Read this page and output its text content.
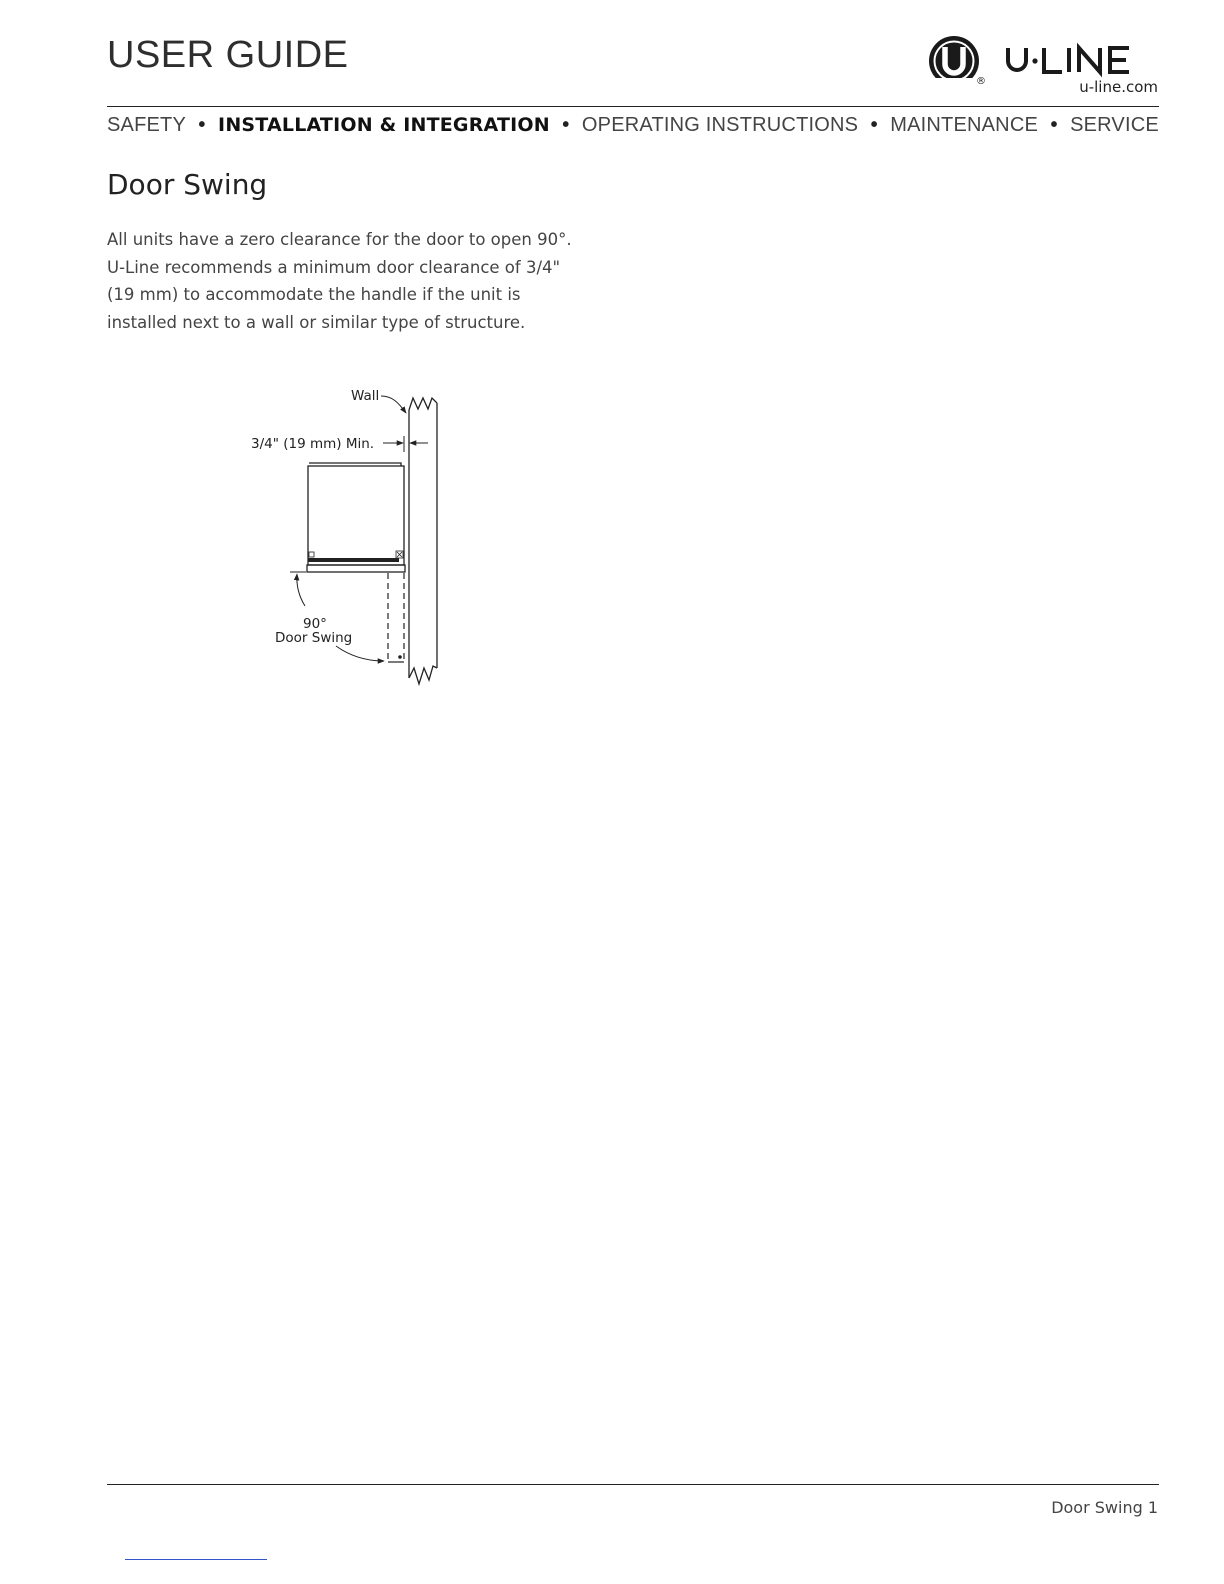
USER GUIDE
®	u-line.com
SAFETY • INSTALLATION & INTEGRATION • OPERATING INSTRUCTIONS • MAINTENANCE • SERVICE
Door Swing

All units have a zero clearance for the door to open 90°.
U-Line recommends a minimum door clearance of 3/4"
(19 mm) to accommodate the handle if the unit is
installed next to a wall or similar type of structure.

Wall
3/4" (19 mm) Min.
90°
Door Swing
Door Swing 1
